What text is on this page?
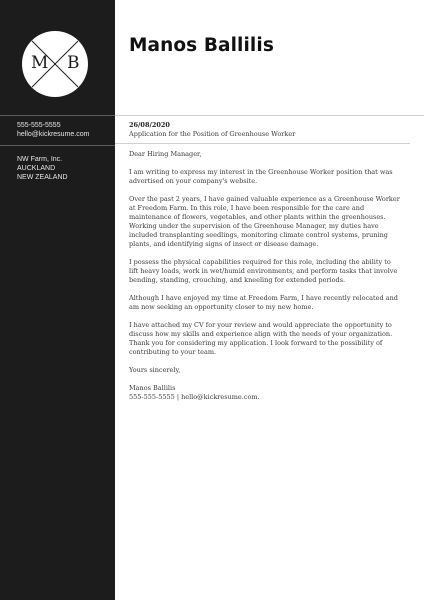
M B
555-555-5555
hello@kickresume.com
NW Farm, Inc.
AUCKLAND
NEW ZEALAND
Manos Ballilis
26/08/2020
Application for the Position of Greenhouse Worker
Dear Hiring Manager,
I am writing to express my interest in the Greenhouse Worker position that was advertised on your company's website.
Over the past 2 years, I have gained valuable experience as a Greenhouse Worker at Freedom Farm. In this role, I have been responsible for the care and maintenance of flowers, vegetables, and other plants within the greenhouses. Working under the supervision of the Greenhouse Manager, my duties have included transplanting seedlings, monitoring climate control systems, pruning plants, and identifying signs of insect or disease damage.
I possess the physical capabilities required for this role, including the ability to lift heavy loads, work in wet/humid environments, and perform tasks that involve bending, standing, crouching, and kneeling for extended periods.
Although I have enjoyed my time at Freedom Farm, I have recently relocated and am now seeking an opportunity closer to my new home.
I have attached my CV for your review and would appreciate the opportunity to discuss how my skills and experience align with the needs of your organization. Thank you for considering my application. I look forward to the possibility of contributing to your team.
Yours sincerely,
Manos Ballilis
555-555-5555 | hello@kickresume.com.
